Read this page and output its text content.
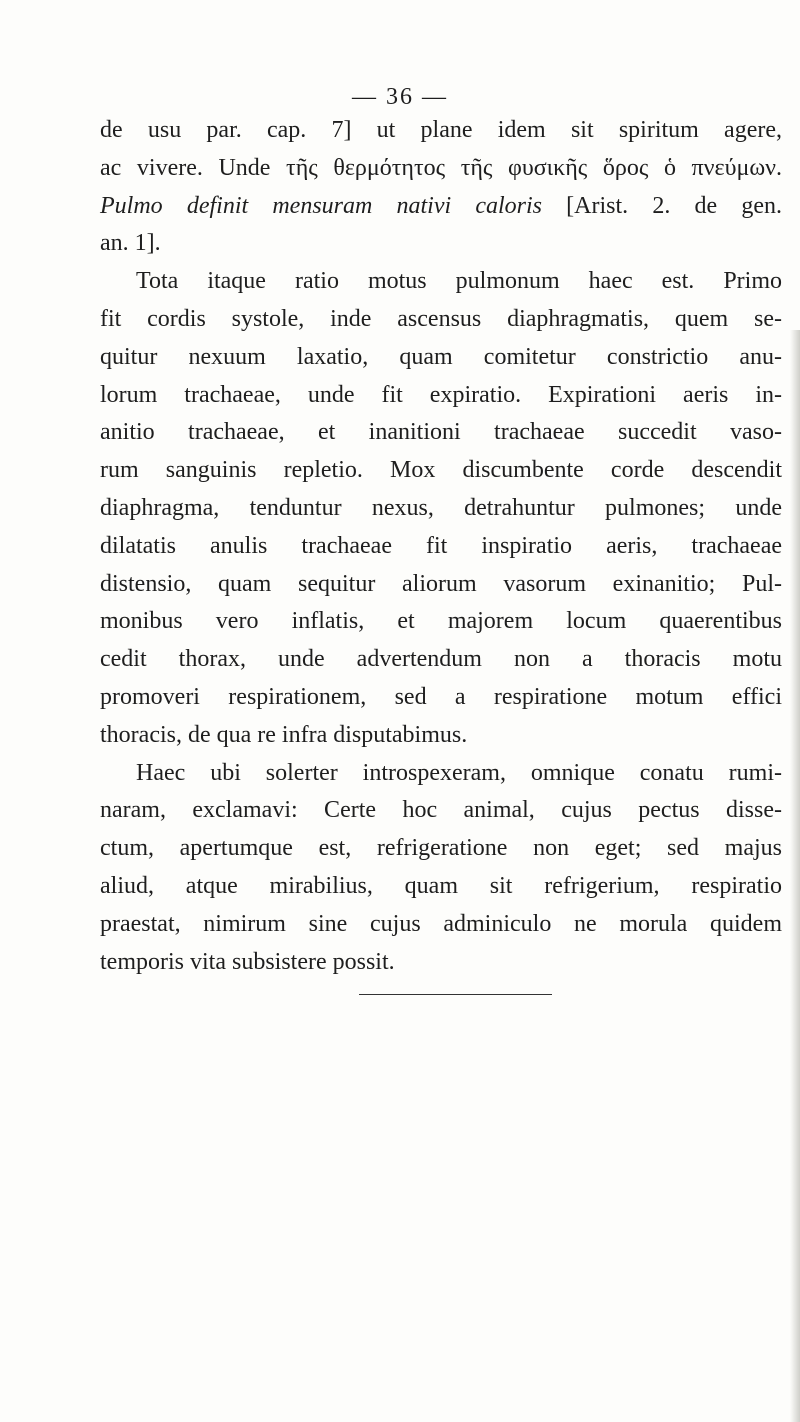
— 36 —

de usu par. cap. 7] ut plane idem sit spiritum agere,
ac vivere. Unde τῆς θερμότητος τῆς φυσικῆς ὅρος ὁ πνεύμων.
Pulmo definit mensuram nativi caloris [Arist. 2. de gen.
an. 1].

Tota itaque ratio motus pulmonum haec est. Primo
fit cordis systole, inde ascensus diaphragmatis, quem se-
quitur nexuum laxatio, quam comitetur constrictio anu-
lorum trachaeae, unde fit expiratio. Expirationi aeris in-
anitio trachaeae, et inanitioni trachaeae succedit vaso-
rum sanguinis repletio. Mox discumbente corde descendit
diaphragma, tenduntur nexus, detrahuntur pulmones; unde
dilatatis anulis trachaeae fit inspiratio aeris, trachaeae
distensio, quam sequitur aliorum vasorum exinanitio; Pul-
monibus vero inflatis, et majorem locum quaerentibus
cedit thorax, unde advertendum non a thoracis motu
promoveri respirationem, sed a respiratione motum effici
thoracis, de qua re infra disputabimus.

Haec ubi solerter introspexeram, omnique conatu rumi-
naram, exclamavi: Certe hoc animal, cujus pectus disse-
ctum, apertumque est, refrigeratione non eget; sed majus
aliud, atque mirabilius, quam sit refrigerium, respiratio
praestat, nimirum sine cujus adminiculo ne morula quidem
temporis vita subsistere possit.
